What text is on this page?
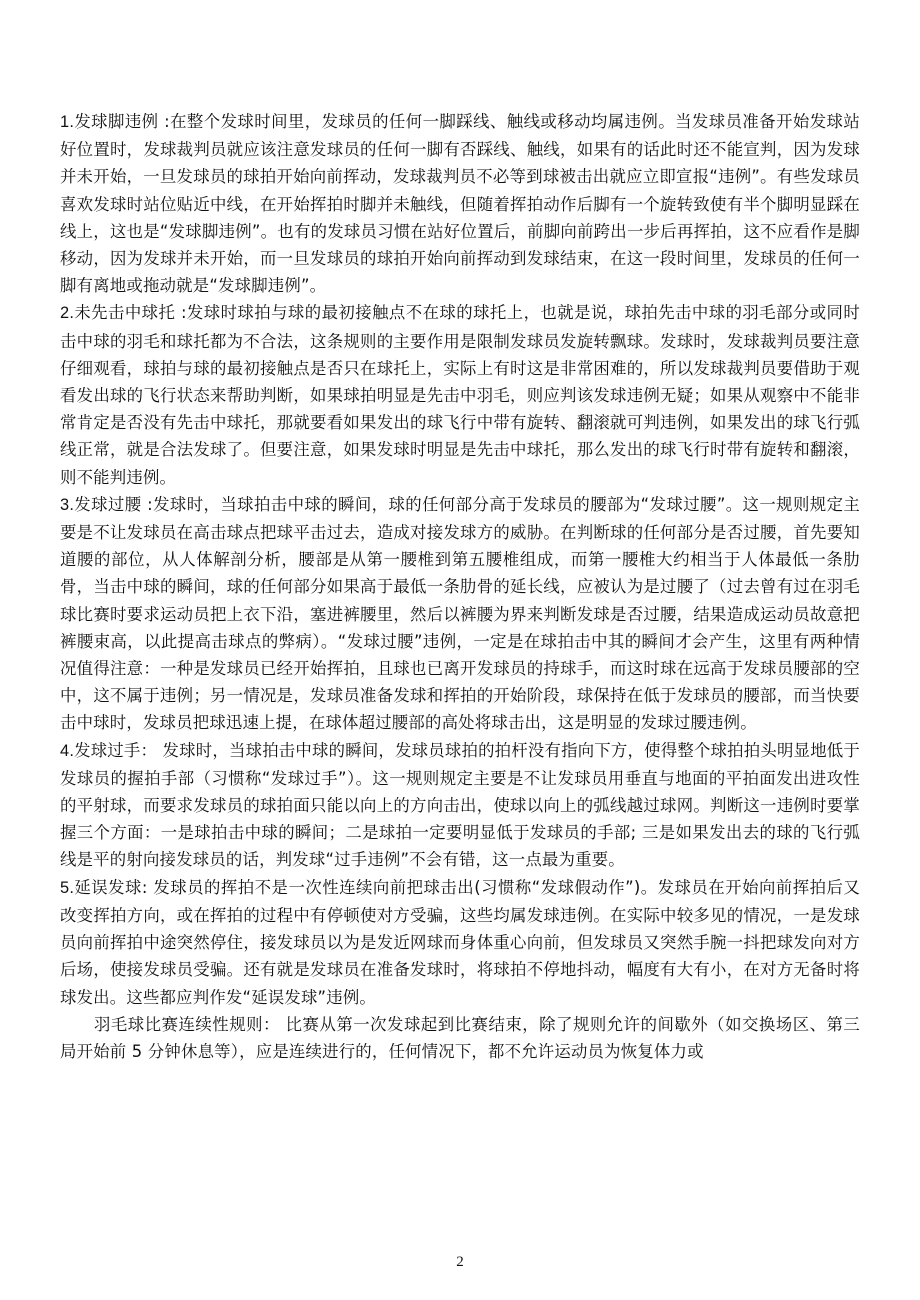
1.发球脚违例 :在整个发球时间里，发球员的任何一脚踩线、触线或移动均属违例。当发球员准备开始发球站好位置时，发球裁判员就应该注意发球员的任何一脚有否踩线、触线，如果有的话此时还不能宣判，因为发球并未开始，一旦发球员的球拍开始向前挥动，发球裁判员不必等到球被击出就应立即宣报“违例”。有些发球员喜欢发球时站位贴近中线，在开始挥拍时脚并未触线，但随着挥拍动作后脚有一个旋转致使有半个脚明显踩在线上，这也是“发球脚违例”。也有的发球员习惯在站好位置后，前脚向前跨出一步后再挥拍，这不应看作是脚移动，因为发球并未开始，而一旦发球员的球拍开始向前挥动到发球结束，在这一段时间里，发球员的任何一脚有离地或拖动就是“发球脚违例”。

2.未先击中球托 :发球时球拍与球的最初接触点不在球的球托上，也就是说，球拍先击中球的羽毛部分或同时击中球的羽毛和球托都为不合法，这条规则的主要作用是限制发球员发旋转飘球。发球时，发球裁判员要注意仔细观看，球拍与球的最初接触点是否只在球托上，实际上有时这是非常困难的，所以发球裁判员要借助于观看发出球的飞行状态来帮助判断，如果球拍明显是先击中羽毛，则应判该发球违例无疑；如果从观察中不能非常肯定是否没有先击中球托，那就要看如果发出的球飞行中带有旋转、翻滚就可判违例，如果发出的球飞行弧线正常，就是合法发球了。但要注意，如果发球时明显是先击中球托，那么发出的球飞行时带有旋转和翻滚，则不能判违例。

3.发球过腰 :发球时，当球拍击中球的瞬间，球的任何部分高于发球员的腰部为“发球过腰”。这一规则规定主要是不让发球员在高击球点把球平击过去，造成对接发球方的威胁。在判断球的任何部分是否过腰，首先要知道腰的部位，从人体解剖分析，腰部是从第一腰椎到第五腰椎组成，而第一腰椎大约相当于人体最低一条肋骨，当击中球的瞬间，球的任何部分如果高于最低一条肋骨的延长线，应被认为是过腰了（过去曾有过在羽毛球比赛时要求运动员把上衣下沿，塞进裤腰里，然后以裤腰为界来判断发球是否过腰，结果造成运动员故意把裤腰束高，以此提高击球点的弊病）。“发球过腰”违例，一定是在球拍击中其的瞬间才会产生，这里有两种情况值得注意：一种是发球员已经开始挥拍，且球也已离开发球员的持球手，而这时球在远高于发球员腰部的空中，这不属于违例；另一情况是，发球员准备发球和挥拍的开始阶段，球保持在低于发球员的腰部，而当快要击中球时，发球员把球迅速上提，在球体超过腰部的高处将球击出，这是明显的发球过腰违例。

4.发球过手： 发球时，当球拍击中球的瞬间，发球员球拍的拍杆没有指向下方，使得整个球拍拍头明显地低于发球员的握拍手部（习惯称“发球过手”）。这一规则规定主要是不让发球员用垂直与地面的平拍面发出进攻性的平射球，而要求发球员的球拍面只能以向上的方向击出，使球以向上的弧线越过球网。判断这一违例时要掌握三个方面：一是球拍击中球的瞬间；二是球拍一定要明显低于发球员的手部; 三是如果发出去的球的飞行弧线是平的射向接发球员的话，判发球“过手违例”不会有错，这一点最为重要。

5.延误发球: 发球员的挥拍不是一次性连续向前把球击出(习惯称“发球假动作”)。发球员在开始向前挥拍后又改变挥拍方向，或在挥拍的过程中有停顿使对方受骗，这些均属发球违例。在实际中较多见的情况，一是发球员向前挥拍中途突然停住，接发球员以为是发近网球而身体重心向前，但发球员又突然手腕一抖把球发向对方后场，使接发球员受骗。还有就是发球员在准备发球时，将球拍不停地抖动，幅度有大有小，在对方无备时将球发出。这些都应判作发“延误发球”违例。

羽毛球比赛连续性规则： 比赛从第一次发球起到比赛结束，除了规则允许的间歇外（如交换场区、第三局开始前 5 分钟休息等），应是连续进行的，任何情况下，都不允许运动员为恢复体力或

2
